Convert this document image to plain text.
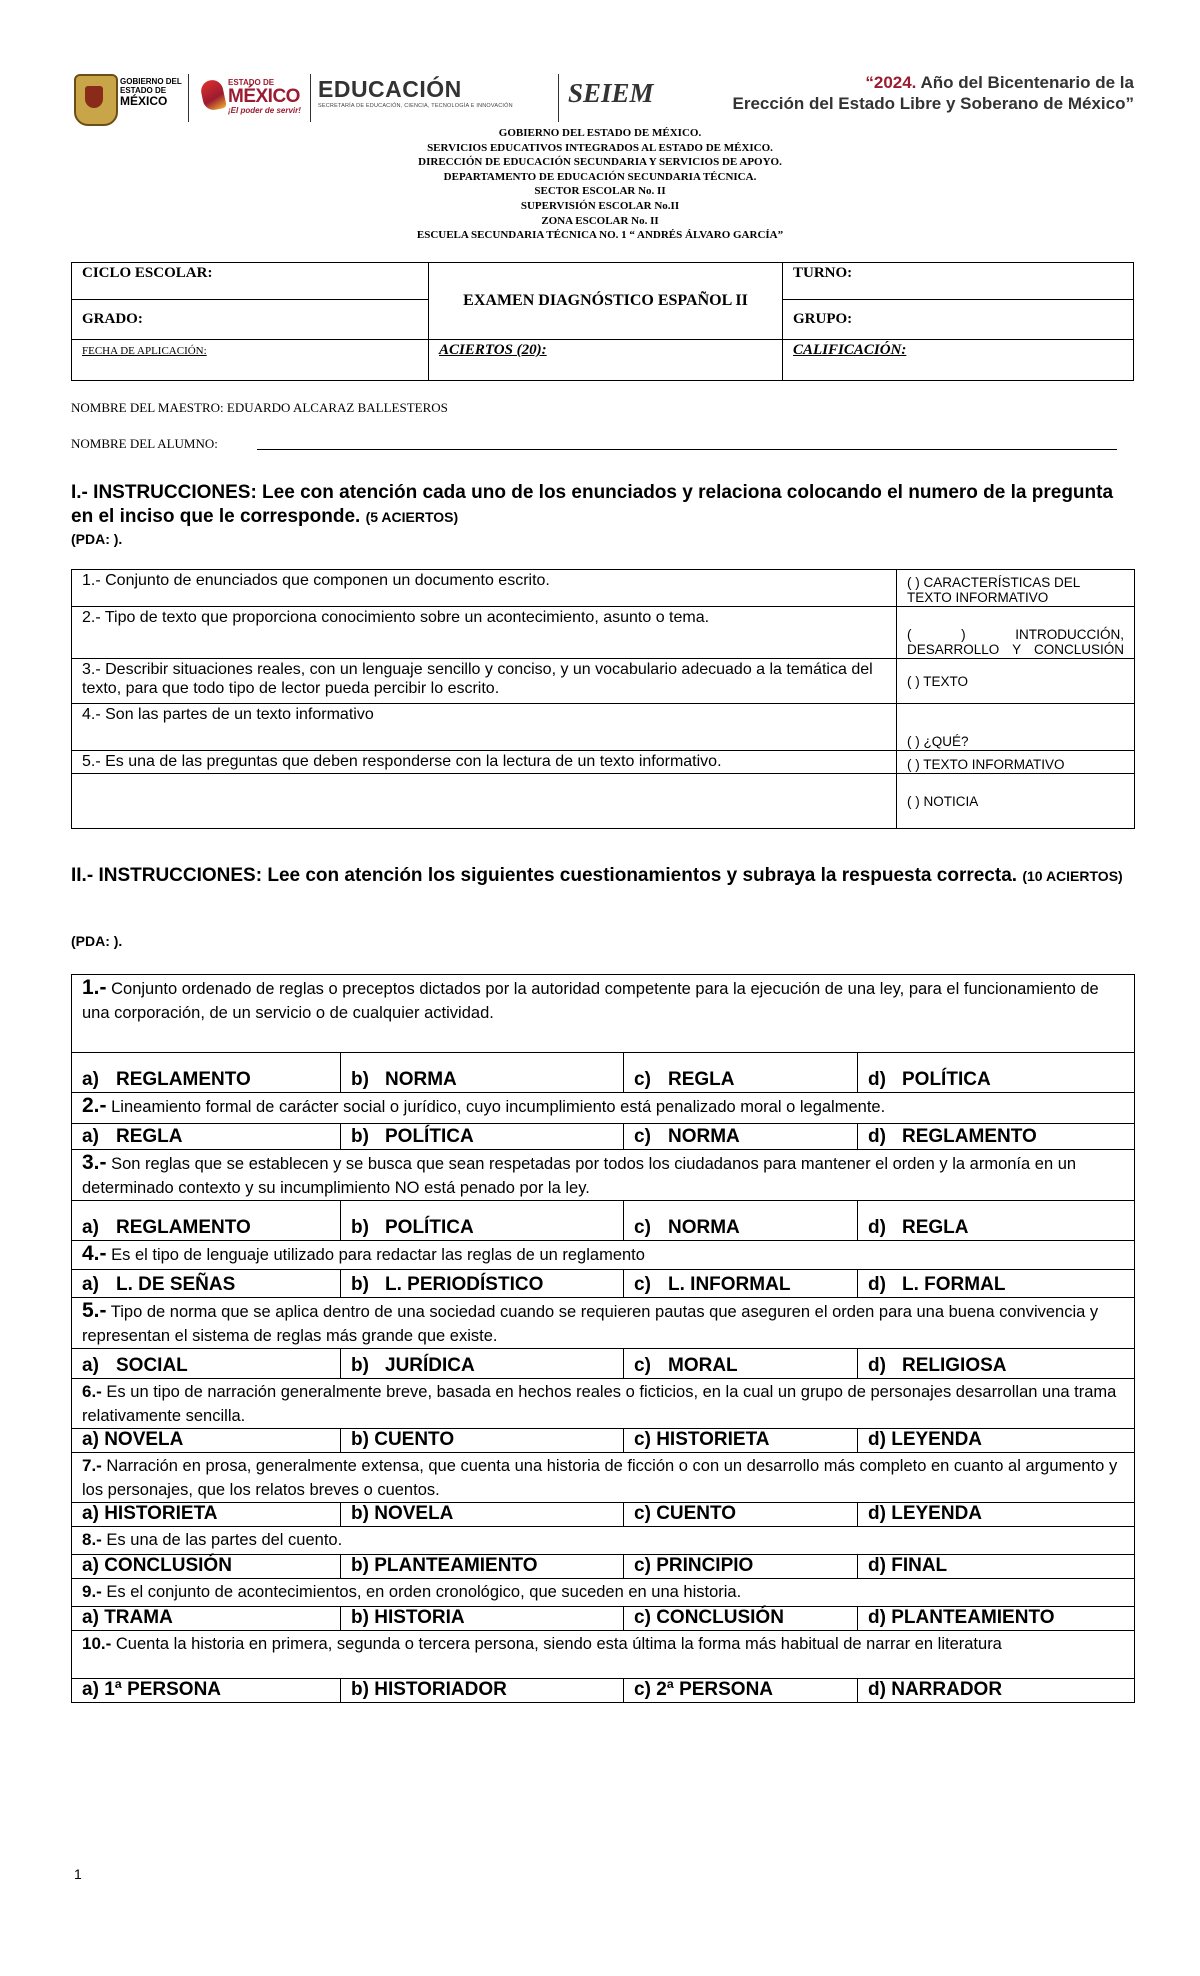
GOBIERNO DEL
ESTADO DE
MÉXICO
ESTADO DE
MÉXICO
¡El poder de servir!
EDUCACIÓN
SECRETARÍA DE EDUCACIÓN, CIENCIA, TECNOLOGÍA E INNOVACIÓN	SEIEM	“2024. Año del Bicentenario de la
Erección del Estado Libre y Soberano de México”
GOBIERNO DEL ESTADO DE MÉXICO.
SERVICIOS EDUCATIVOS INTEGRADOS AL ESTADO DE MÉXICO.
DIRECCIÓN DE EDUCACIÓN SECUNDARIA Y SERVICIOS DE APOYO.
DEPARTAMENTO DE EDUCACIÓN SECUNDARIA TÉCNICA.
SECTOR ESCOLAR No. II
SUPERVISIÓN ESCOLAR No.II
ZONA ESCOLAR No. II
ESCUELA SECUNDARIA TÉCNICA NO. 1 “ ANDRÉS ÁLVARO GARCÍA”
CICLO ESCOLAR:	EXAMEN DIAGNÓSTICO ESPAÑOL II	TURNO:
GRADO:		GRUPO:
FECHA DE APLICACIÓN:	ACIERTOS (20):	CALIFICACIÓN:
NOMBRE DEL MAESTRO: EDUARDO ALCARAZ BALLESTEROS
NOMBRE DEL ALUMNO:
I.- INSTRUCCIONES: Lee con atención cada uno de los enunciados y relaciona colocando el numero de la pregunta en el inciso que le corresponde. (5 ACIERTOS)
(PDA: ).
1.- Conjunto de enunciados que componen un documento escrito.	( ) CARACTERÍSTICAS DEL TEXTO INFORMATIVO
2.- Tipo de texto que proporciona conocimiento sobre un acontecimiento, asunto o tema.	( ) INTRODUCCIÓN, DESARROLLO Y CONCLUSIÓN
3.- Describir situaciones reales, con un lenguaje sencillo y conciso, y un vocabulario adecuado a la temática del texto, para que todo tipo de lector pueda percibir lo escrito.	( ) TEXTO
4.- Son las partes de un texto informativo	( ) ¿QUÉ?
5.- Es una de las preguntas que deben responderse con la lectura de un texto informativo.	( ) TEXTO INFORMATIVO
	( ) NOTICIA
II.- INSTRUCCIONES: Lee con atención los siguientes cuestionamientos y subraya la respuesta correcta. (10 ACIERTOS)
(PDA: ).
1.- Conjunto ordenado de reglas o preceptos dictados por la autoridad competente para la ejecución de una ley, para el funcionamiento de una corporación, de un servicio o de cualquier actividad.			
a) REGLAMENTO	b) NORMA	c) REGLA	d) POLÍTICA
2.- Lineamiento formal de carácter social o jurídico, cuyo incumplimiento está penalizado moral o legalmente.			
a) REGLA	b) POLÍTICA	c) NORMA	d) REGLAMENTO
3.- Son reglas que se establecen y se busca que sean respetadas por todos los ciudadanos para mantener el orden y la armonía en un determinado contexto y su incumplimiento NO está penado por la ley.			
a) REGLAMENTO	b) POLÍTICA	c) NORMA	d) REGLA
4.- Es el tipo de lenguaje utilizado para redactar las reglas de un reglamento			
a) L. DE SEÑAS	b) L. PERIODÍSTICO	c) L. INFORMAL	d) L. FORMAL
5.- Tipo de norma que se aplica dentro de una sociedad cuando se requieren pautas que aseguren el orden para una buena convivencia y representan el sistema de reglas más grande que existe.			
a) SOCIAL	b) JURÍDICA	c) MORAL	d) RELIGIOSA
6.- Es un tipo de narración generalmente breve, basada en hechos reales o ficticios, en la cual un grupo de personajes desarrollan una trama relativamente sencilla.			
a) NOVELA	b) CUENTO	c) HISTORIETA	d) LEYENDA
7.- Narración en prosa, generalmente extensa, que cuenta una historia de ficción o con un desarrollo más completo en cuanto al argumento y los personajes, que los relatos breves o cuentos.			
a) HISTORIETA	b) NOVELA	c) CUENTO	d) LEYENDA
8.- Es una de las partes del cuento.			
a) CONCLUSIÓN	b) PLANTEAMIENTO	c) PRINCIPIO	d) FINAL
9.- Es el conjunto de acontecimientos, en orden cronológico, que suceden en una historia.			
a) TRAMA	b) HISTORIA	c) CONCLUSIÓN	d) PLANTEAMIENTO
10.- Cuenta la historia en primera, segunda o tercera persona, siendo esta última la forma más habitual de narrar en literatura			
a) 1ª PERSONA	b) HISTORIADOR	c) 2ª PERSONA	d) NARRADOR
1
